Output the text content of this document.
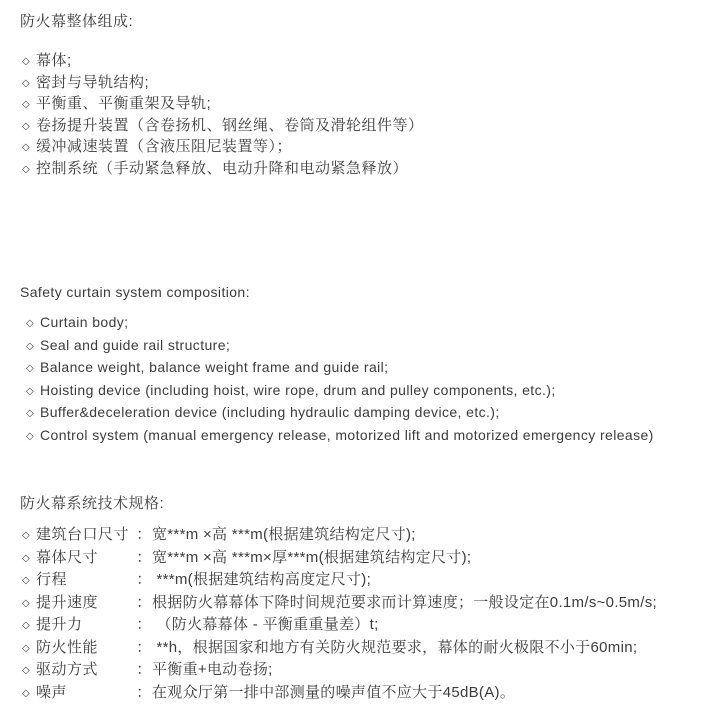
防火幕整体组成:
◇ 幕体;
◇ 密封与导轨结构;
◇ 平衡重、平衡重架及导轨;
◇ 卷扬提升装置（含卷扬机、钢丝绳、卷筒及滑轮组件等）
◇ 缓冲减速装置（含液压阻尼装置等）；
◇ 控制系统（手动紧急释放、电动升降和电动紧急释放）
Safety curtain system composition:
◇ Curtain body;
◇ Seal and guide rail structure;
◇ Balance weight, balance weight frame and guide rail;
◇ Hoisting device (including hoist, wire rope, drum and pulley components, etc.);
◇ Buffer&deceleration device (including hydraulic damping device, etc.);
◇ Control system (manual emergency release, motorized lift and motorized emergency release)
防火幕系统技术规格:
◇ 建筑台口尺寸 ：宽***m ×高 ***m(根据建筑结构定尺寸);
◇ 幕体尺寸	：宽***m ×高 ***m×厚***m(根据建筑结构定尺寸);
◇ 行程	： ***m(根据建筑结构高度定尺寸);
◇ 提升速度	：根据防火幕幕体下降时间规范要求而计算速度；一般设定在0.1m/s~0.5m/s;
◇ 提升力	： （防火幕幕体 - 平衡重重量差）t;
◇ 防火性能	： **h，根据国家和地方有关防火规范要求，幕体的耐火极限不小于60min;
◇ 驱动方式	：平衡重+电动卷扬;
◇ 噪声	：在观众厅第一排中部测量的噪声值不应大于45dB(A)。
